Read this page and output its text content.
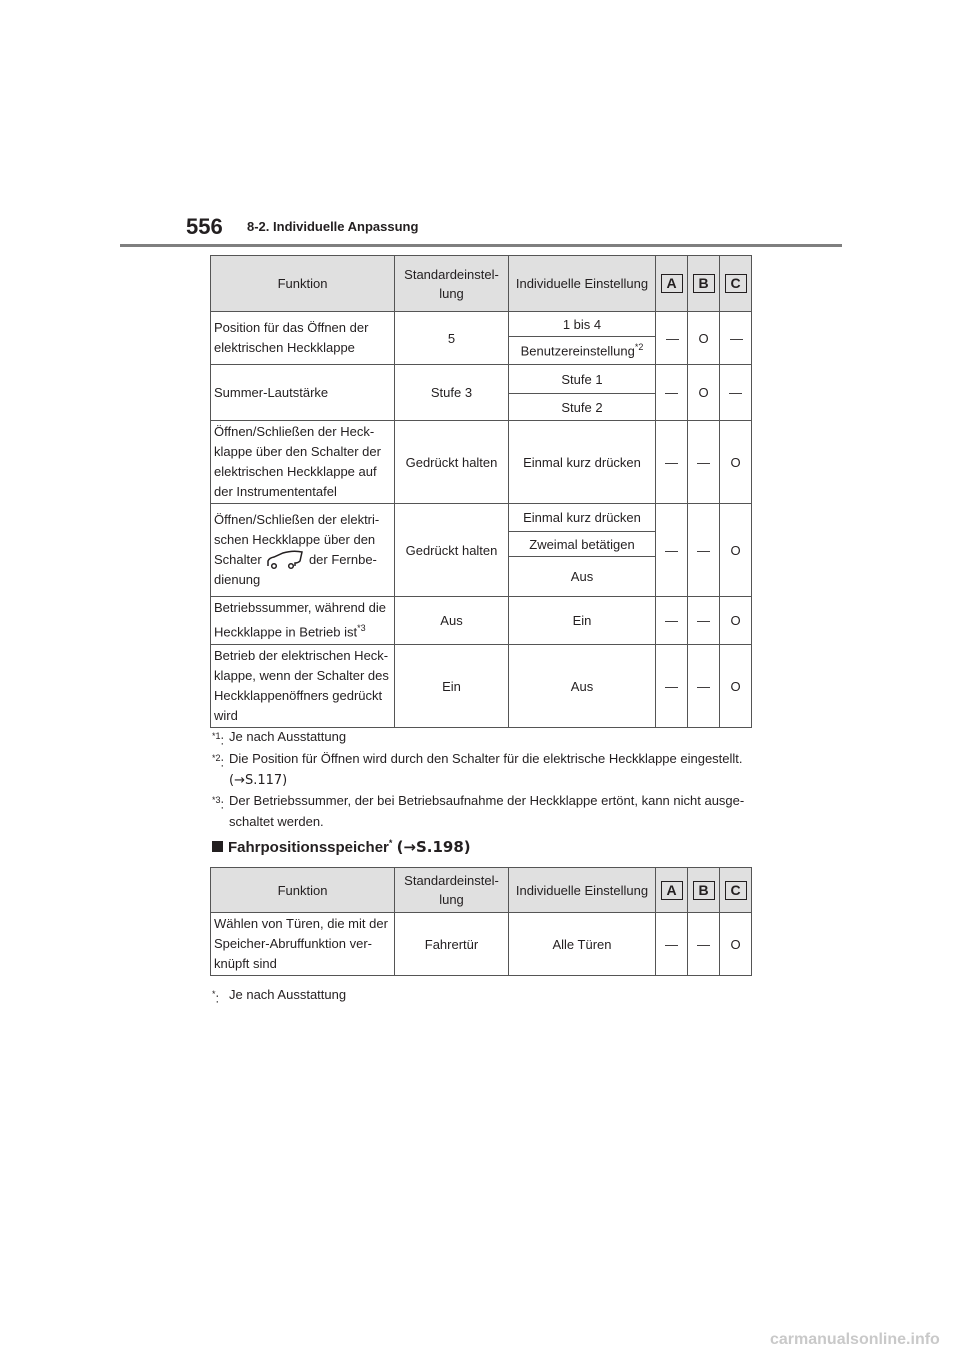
556 8-2. Individuelle Anpassung
Funktion	Standardeinstel-lung	Individuelle Einstellung	A	B	C
Position für das Öffnen der elektrischen Heckklappe	5	1 bis 4	—	O	—
		Benutzereinstellung$^{*2}$
Summer-Lautstärke	Stufe 3	Stufe 1	—	O	—
		Stufe 2			
Öffnen/Schließen der Heck-klappe über den Schalter der elektrischen Heckklappe auf der Instrumententafel	Gedrückt halten	Einmal kurz drücken	—	—	O
Öffnen/Schließen der elektri-schen Heckklappe über den Schalter der Fernbe-dienung	Gedrückt halten	Einmal kurz drücken	—	—	O
		Zweimal betätigen			
		Aus			
Betriebssummer, während die Heckklappe in Betrieb ist$^{*3}$	Aus	Ein	—	—	O
Betrieb der elektrischen Heck-klappe, wenn der Schalter des Heckklappenöffners gedrückt wird	Ein	Aus	—	—	O
$^{*1}$: Je nach Ausstattung
$^{*2}$: Die Position für Öffnen wird durch den Schalter für die elektrische Heckklappe eingestellt.
(→S.117)
$^{*3}$: Der Betriebssummer, der bei Betriebsaufnahme der Heckklappe ertönt, kann nicht ausge-schaltet werden.
Fahrpositionsspeicher* (→S.198)
Funktion	Standardeinstel-lung	Individuelle Einstellung	A	B	C
Wählen von Türen, die mit der Speicher-Abruffunktion ver-knüpft sind	Fahrertür	Alle Türen	—	—	O
*: Je nach Ausstattung
carmanualsonline.info
